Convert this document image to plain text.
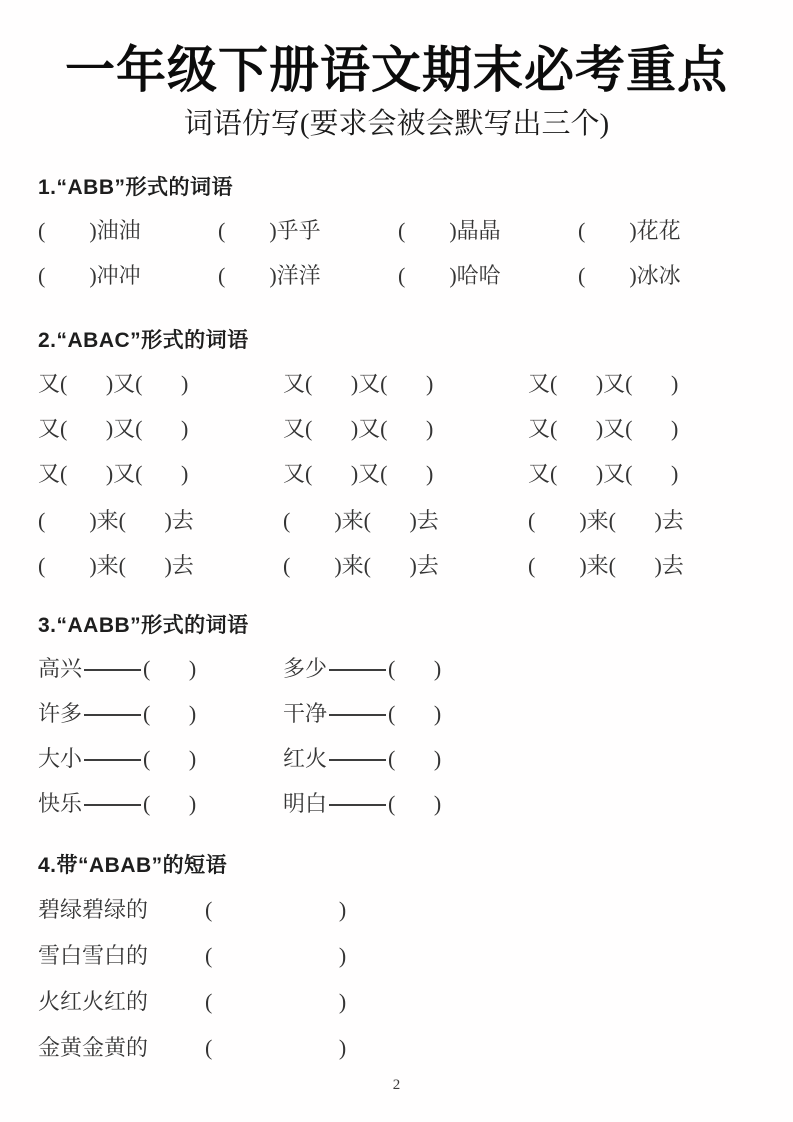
一年级下册语文期末必考重点
词语仿写(要求会被会默写出三个)
1.“ABB”形式的词语
(        )油油	(        )乎乎	(        )晶晶	(        )花花
(        )冲冲	(        )洋洋	(        )哈哈	(        )冰冰
2.“ABAC”形式的词语
又(       )又(       )	又(       )又(       )	又(       )又(       )
又(       )又(       )	又(       )又(       )	又(       )又(       )
又(       )又(       )	又(       )又(       )	又(       )又(       )
(        )来(       )去	(        )来(       )去	(        )来(       )去
(        )来(       )去	(        )来(       )去	(        )来(       )去
3.“AABB”形式的词语
高兴	(       )	多少	(       )
许多	(       )	干净	(       )
大小	(       )	红火	(       )
快乐	(       )	明白	(       )
4.带“ABAB”的短语
碧绿碧绿的	(                       )
雪白雪白的	(                       )
火红火红的	(                       )
金黄金黄的	(                       )
2
